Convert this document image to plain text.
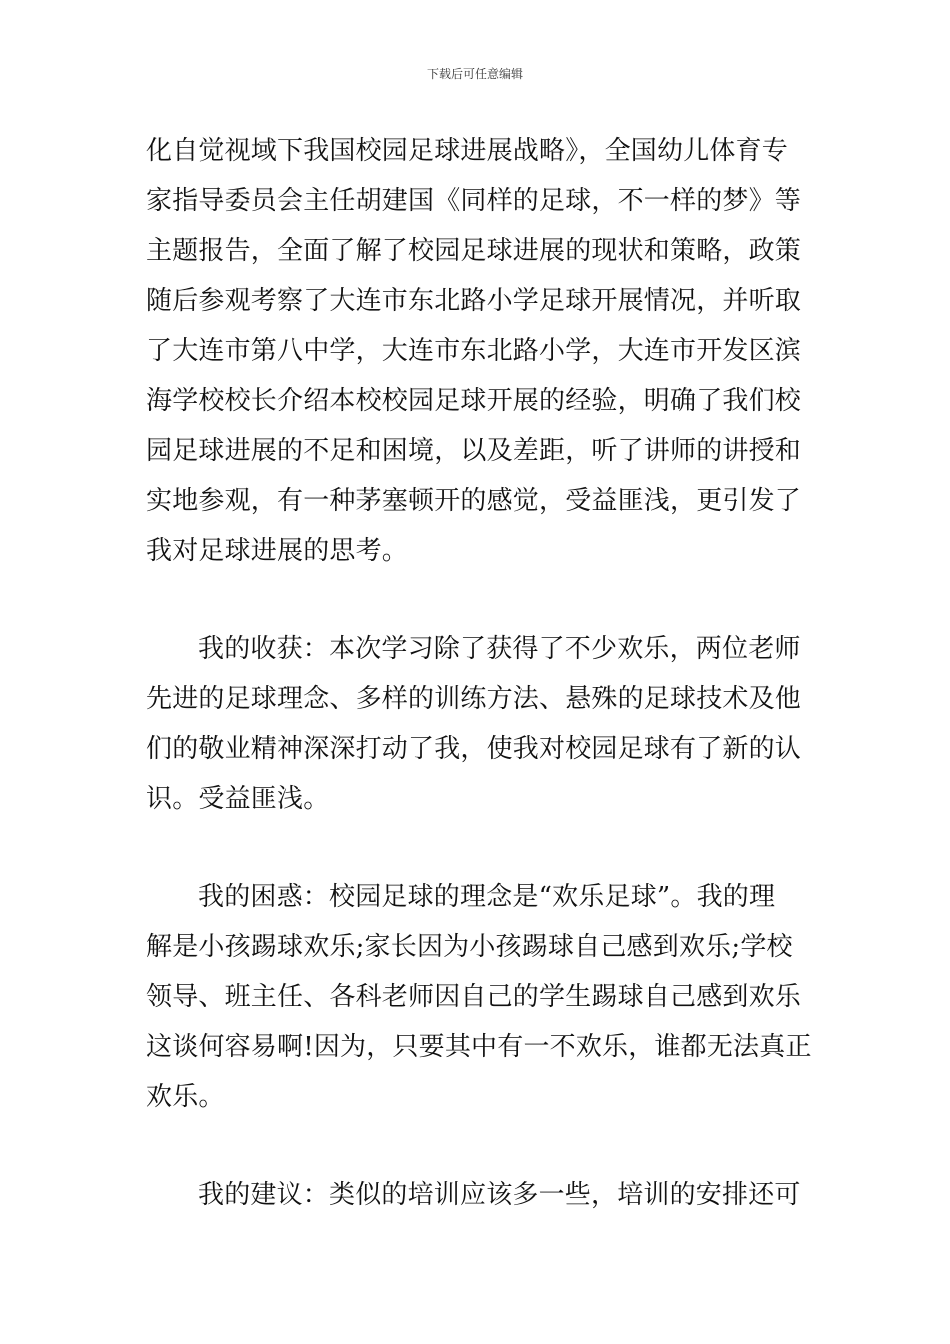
下载后可任意编辑
化自觉视域下我国校园足球进展战略》，全国幼儿体育专
家指导委员会主任胡建国《同样的足球，不一样的梦》等
主题报告，全面了解了校园足球进展的现状和策略，政策
随后参观考察了大连市东北路小学足球开展情况，并听取
了大连市第八中学，大连市东北路小学，大连市开发区滨
海学校校长介绍本校校园足球开展的经验，明确了我们校
园足球进展的不足和困境，以及差距，听了讲师的讲授和
实地参观，有一种茅塞顿开的感觉，受益匪浅，更引发了
我对足球进展的思考。
我的收获：本次学习除了获得了不少欢乐，两位老师
先进的足球理念、多样的训练方法、悬殊的足球技术及他
们的敬业精神深深打动了我，使我对校园足球有了新的认
识。受益匪浅。
我的困惑：校园足球的理念是“欢乐足球”。我的理
解是小孩踢球欢乐;家长因为小孩踢球自己感到欢乐;学校
领导、班主任、各科老师因自己的学生踢球自己感到欢乐
这谈何容易啊!因为，只要其中有一不欢乐，谁都无法真正
欢乐。
我的建议：类似的培训应该多一些，培训的安排还可
